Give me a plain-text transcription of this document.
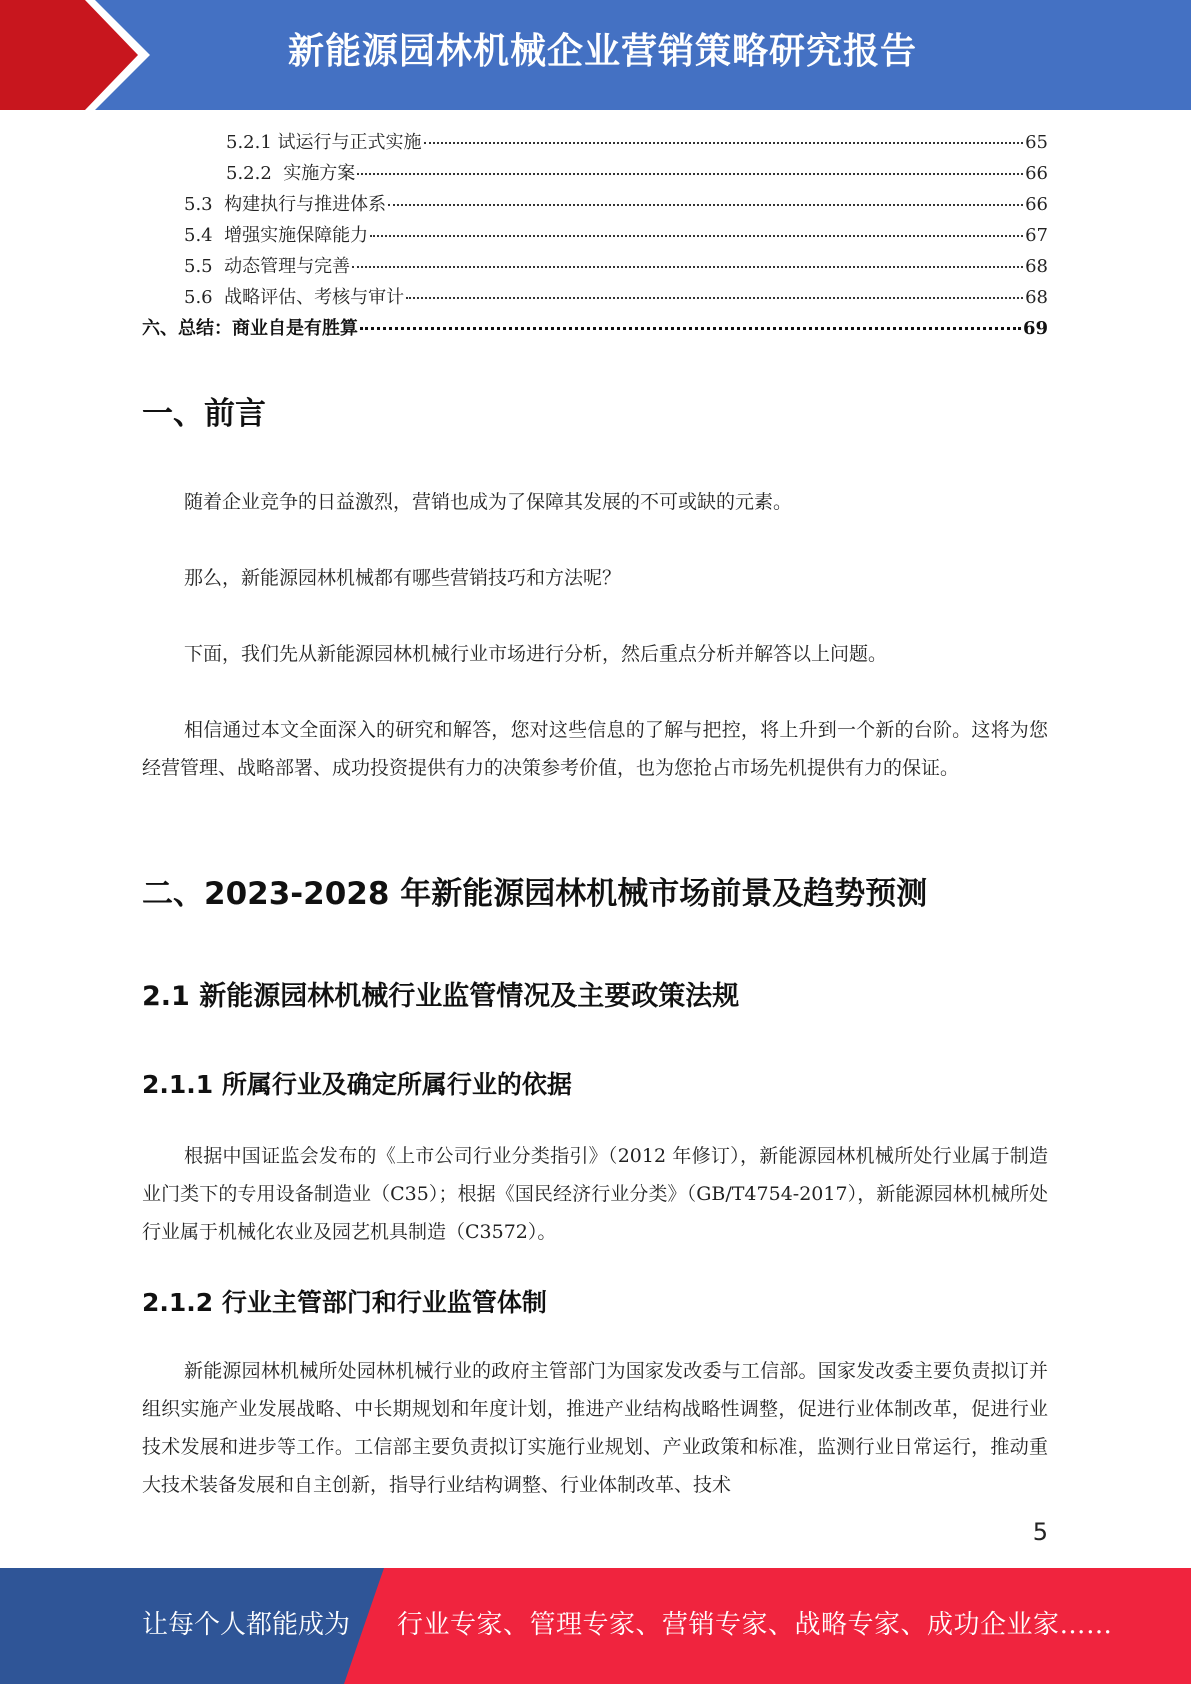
新能源园林机械企业营销策略研究报告
5.2.1 试运行与正式实施	65
5.2.2  实施方案	66
5.3  构建执行与推进体系	66
5.4  增强实施保障能力	67
5.5  动态管理与完善	68
5.6  战略评估、考核与审计	68
六、总结：商业自是有胜算	69
一、前言
随着企业竞争的日益激烈，营销也成为了保障其发展的不可或缺的元素。
那么，新能源园林机械都有哪些营销技巧和方法呢？
下面，我们先从新能源园林机械行业市场进行分析，然后重点分析并解答以上问题。
相信通过本文全面深入的研究和解答，您对这些信息的了解与把控，将上升到一个新的台阶。这将为您经营管理、战略部署、成功投资提供有力的决策参考价值，也为您抢占市场先机提供有力的保证。
二、2023-2028 年新能源园林机械市场前景及趋势预测
2.1 新能源园林机械行业监管情况及主要政策法规
2.1.1 所属行业及确定所属行业的依据
根据中国证监会发布的《上市公司行业分类指引》（2012 年修订），新能源园林机械所处行业属于制造业门类下的专用设备制造业（C35）；根据《国民经济行业分类》（GB/T4754-2017），新能源园林机械所处行业属于机械化农业及园艺机具制造（C3572）。
2.1.2 行业主管部门和行业监管体制
新能源园林机械所处园林机械行业的政府主管部门为国家发改委与工信部。国家发改委主要负责拟订并组织实施产业发展战略、中长期规划和年度计划，推进产业结构战略性调整，促进行业体制改革，促进行业技术发展和进步等工作。工信部主要负责拟订实施行业规划、产业政策和标准，监测行业日常运行，推动重大技术装备发展和自主创新，指导行业结构调整、行业体制改革、技术
5
让每个人都能成为 行业专家、管理专家、营销专家、战略专家、成功企业家……
